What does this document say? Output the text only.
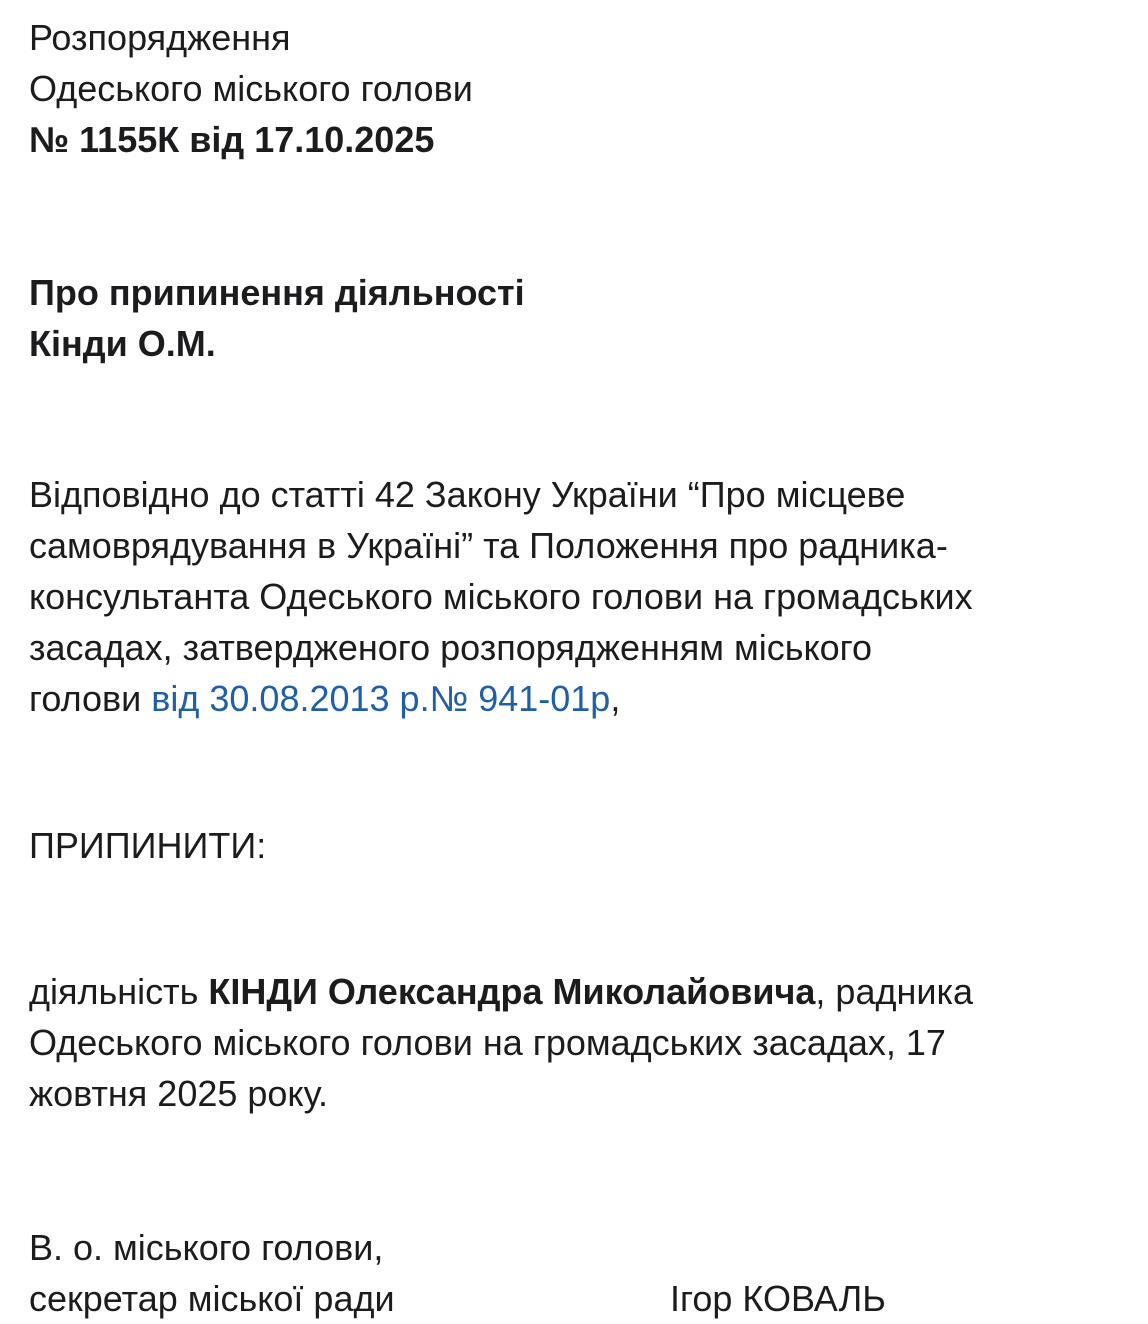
Розпорядження
Одеського міського голови
№ 1155К від 17.10.2025
Про припинення діяльності
Кінди О.М.
Відповідно до статті 42 Закону України “Про місцеве
самоврядування в Україні” та Положення про радника-
консультанта Одеського міського голови на громадських
засадах, затвердженого розпорядженням міського
голови від 30.08.2013 р.№ 941-01р,
ПРИПИНИТИ:
діяльність КІНДИ Олександра Миколайовича, радника
Одеського міського голови на громадських засадах, 17
жовтня 2025 року.
В. о. міського голови,
секретар міської ради	Ігор КОВАЛЬ
